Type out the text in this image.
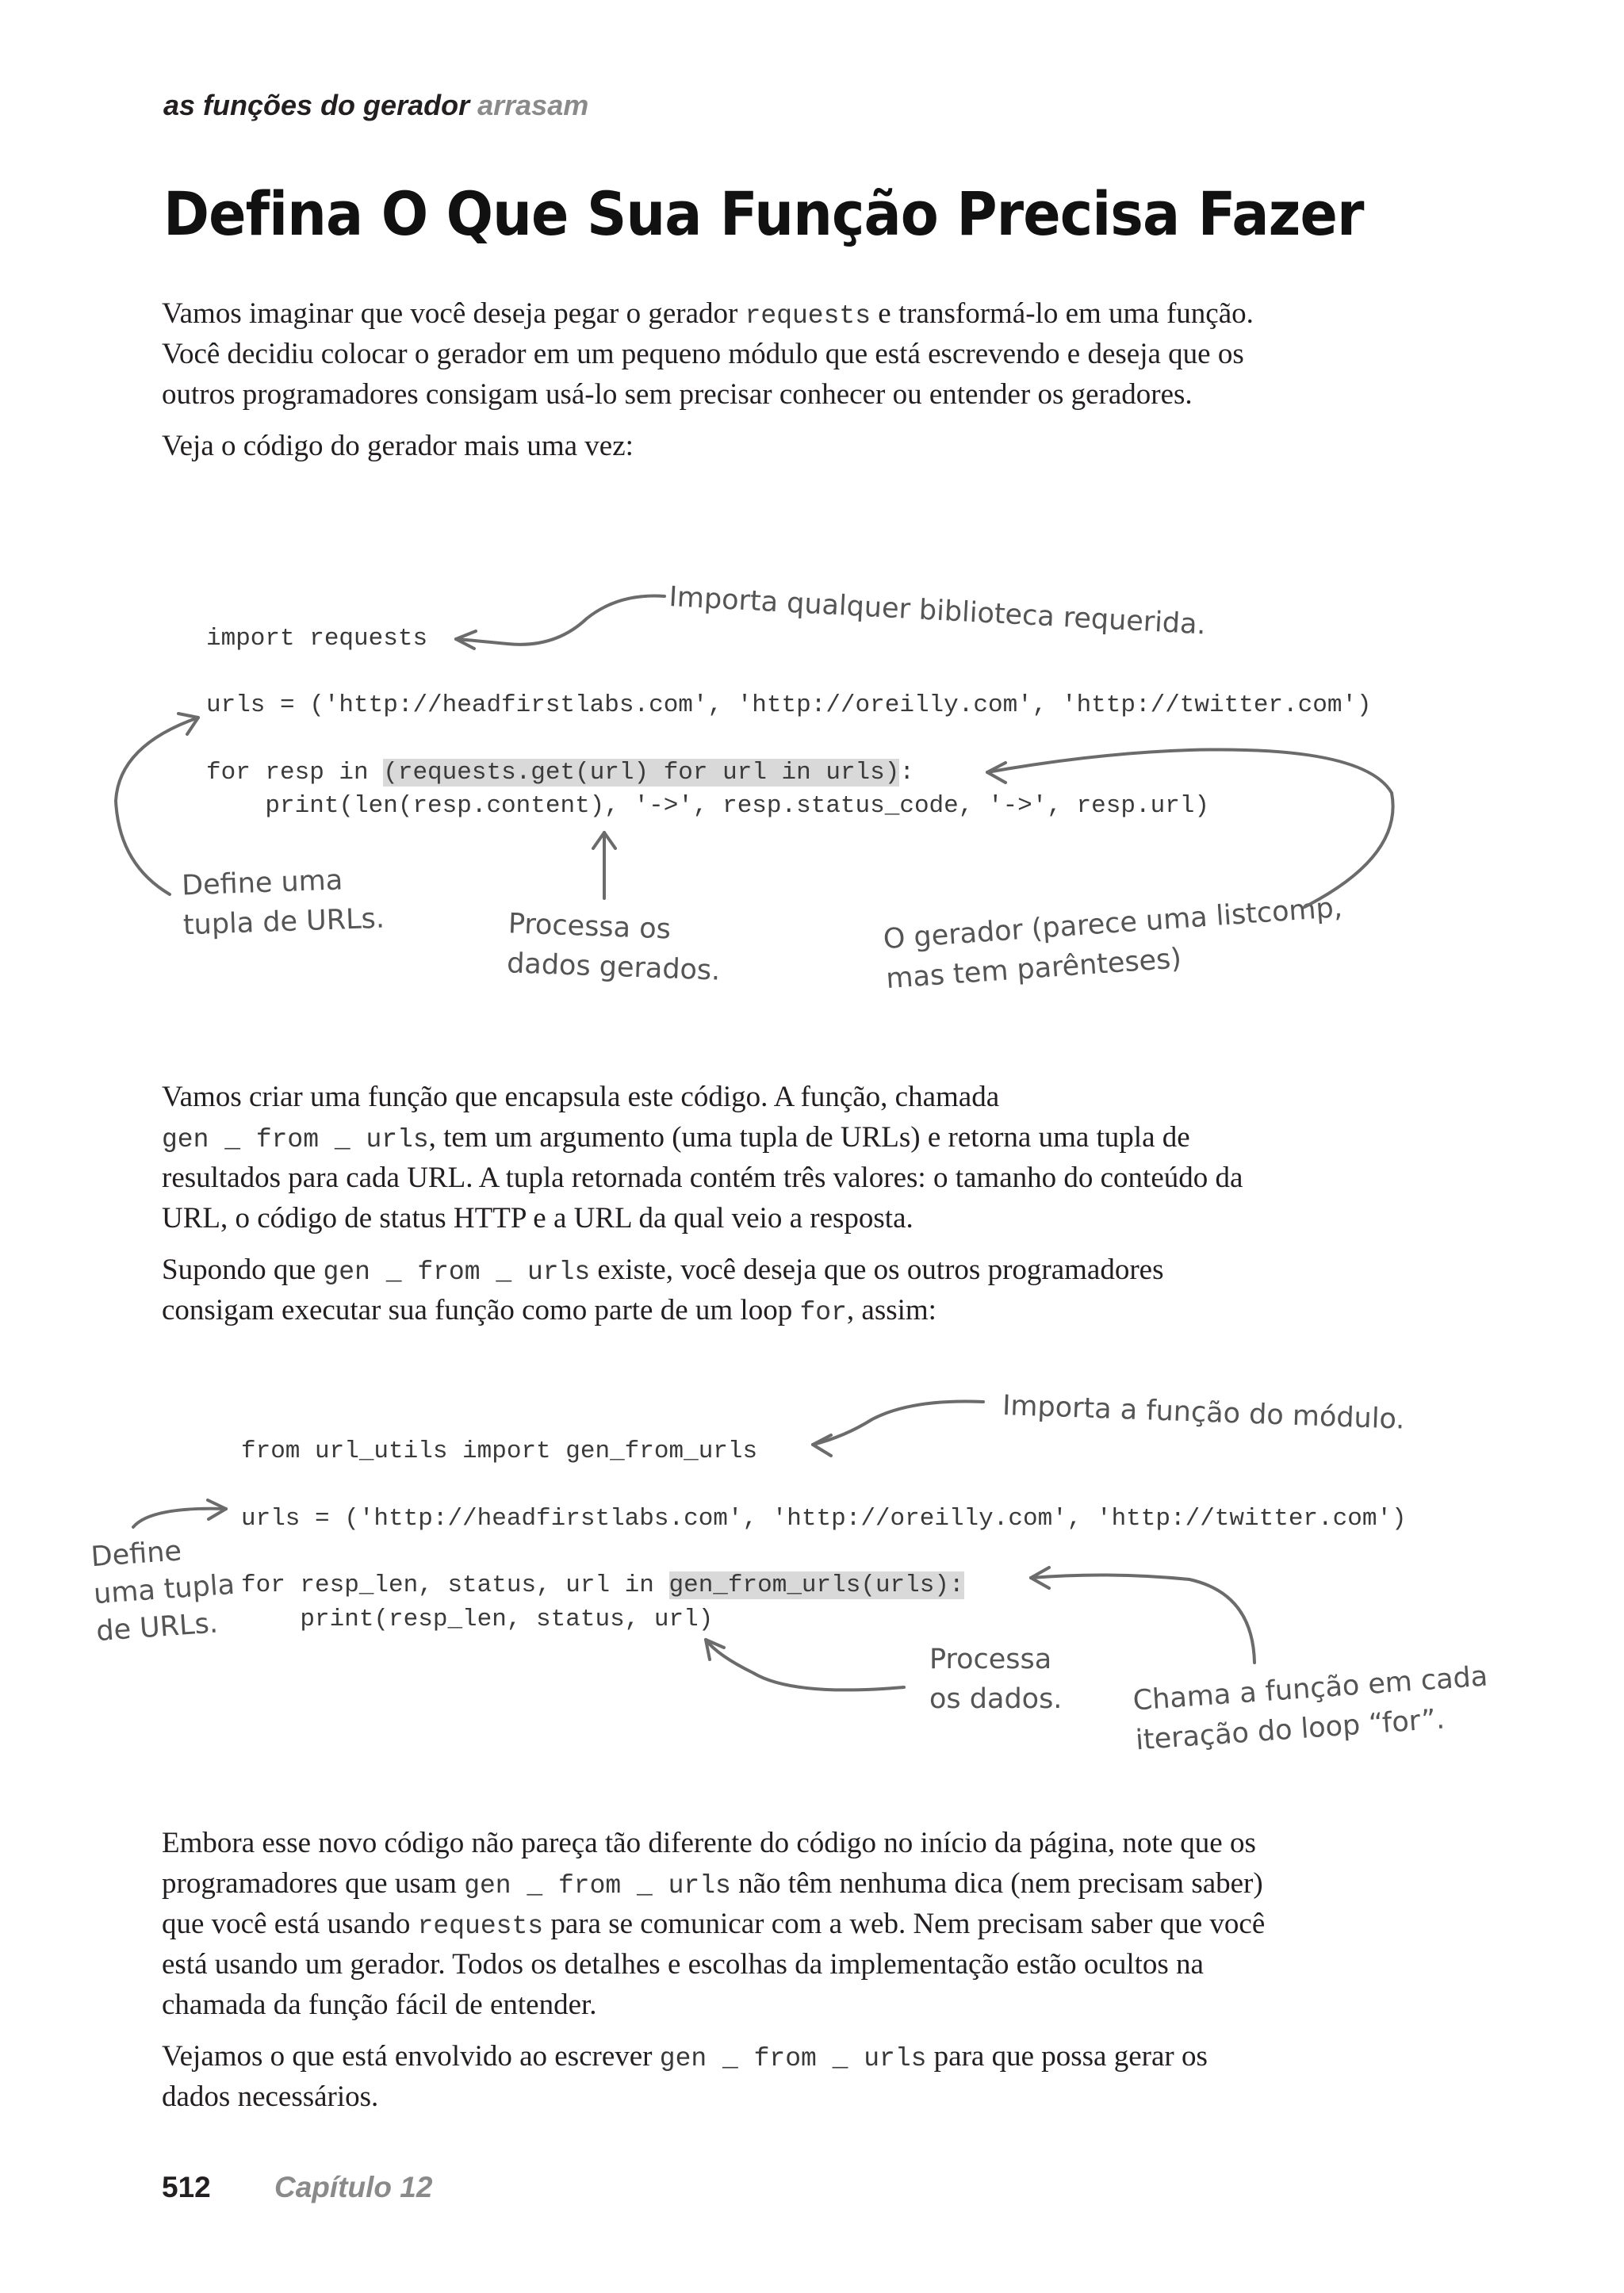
as funções do gerador arrasam
Defina O Que Sua Função Precisa Fazer

Vamos imaginar que você deseja pegar o gerador requests e transformá-lo em uma função. Você decidiu colocar o gerador em um pequeno módulo que está escrevendo e deseja que os outros programadores consigam usá-lo sem precisar conhecer ou entender os geradores.

Veja o código do gerador mais uma vez:

import requests
urls = ('http://headfirstlabs.com', 'http://oreilly.com', 'http://twitter.com')
for resp in (requests.get(url) for url in urls):
print(len(resp.content), '->', resp.status_code, '->', resp.url)
Importa qualquer biblioteca requerida.
Define uma
tupla de URLs.	Processa os
dados gerados.
O gerador (parece uma listcomp,
mas tem parênteses)

Vamos criar uma função que encapsula este código. A função, chamada gen _ from _ urls, tem um argumento (uma tupla de URLs) e retorna uma tupla de resultados para cada URL. A tupla retornada contém três valores: o tamanho do conteúdo da URL, o código de status HTTP e a URL da qual veio a resposta.

Supondo que gen _ from _ urls existe, você deseja que os outros programadores consigam executar sua função como parte de um loop for, assim:

from url_utils import gen_from_urls
urls = ('http://headfirstlabs.com', 'http://oreilly.com', 'http://twitter.com')
for resp_len, status, url in gen_from_urls(urls):
print(resp_len, status, url)
Importa a função do módulo.
Define
uma tupla
de URLs.
Processa
os dados.	Chama a função em cada
iteração do loop “for”.

Embora esse novo código não pareça tão diferente do código no início da página, note que os programadores que usam gen _ from _ urls não têm nenhuma dica (nem precisam saber) que você está usando requests para se comunicar com a web. Nem precisam saber que você está usando um gerador. Todos os detalhes e escolhas da implementação estão ocultos na chamada da função fácil de entender.

Vejamos o que está envolvido ao escrever gen _ from _ urls para que possa gerar os dados necessários.

512 Capítulo 12
